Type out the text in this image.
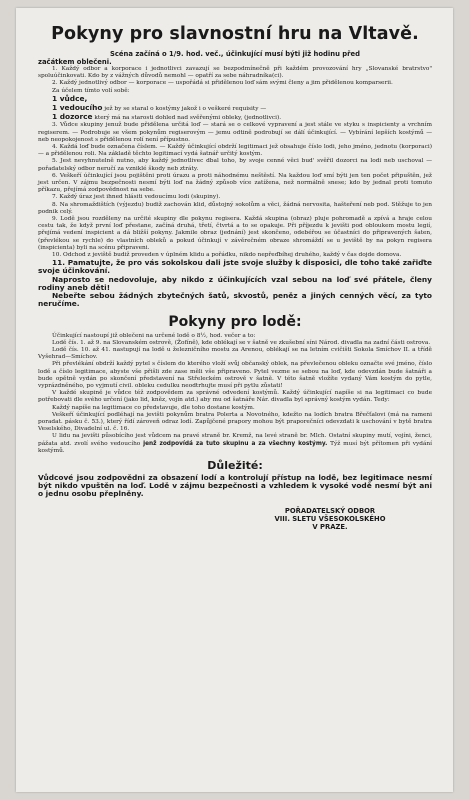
Pokyny pro slavnostní hru na Vltavě.

Scéna začíná o 1/9. hod. več., účinkující musí býti již hodinu před

začátkem oblečeni.

1. Každý odbor a korporace i jednotlivci zavazují se bezpodmínečně při každém provozování hry „Slovanské bratrstvo" spoluúčinkovati. Kdo by z vážných důvodů nemohl — opatří za sebe náhradníka(ci).

2. Každý jednotlivý odbor — korporace — uspořádá si přidělenou loď sám svými členy a jim přidělenou komparserii.

Za účelem tímto volí sobě:

1 vůdce,

1 vedoucího jež by se staral o kostýmy jakož i o veškeré requisity —

1 dozorce který má na starosti dohled nad svěřenými obleky, (jednotlivci).

3. Vůdce skupiny jenuž bude přidělena určitá loď — stará se o celkové vypravení a jest stále ve styku s inspicienty a vrchním regiserem. — Podrobuje se všem pokynům regiserovým — jemu odtině podrobují se dálí účinkující. — Vybírání lepších kostýmů — neb neopokojenost s přidělenou rolí není přípustno.

4. Každá loď bude označena číslem. — Každý účinkující obdrží legitimaci jež obsahuje číslo lodi, jeho jméno, jednotu (korporaci) — a přidělenou roli. Na základě těchto legitimací vydá šatnář určitý kostým.

5. Jest nevyhnutelně nutno, aby každý jednotlivec dbal toho, by svoje cenné věci bud' svěřil dozorci na lodi neb uschoval — pořadatelský odbor neručí za vzniklé škody neb ztráty.

6. Veškeří účinkující jsou pojištěni proti úrazu a proti náhodnému neštěstí. Na každou loď smí býti jen ten počet připuštěn, jež jest určen. V zájmu bezpečnosti nesmí býti loď na žádný způsob více zatížena, než normálně snese; kdo by jednal proti tomuto příkazu, přejímá zodpovědnost na sebe.

7. Každý úraz jest ihned hlásiti vedoucímu lodi (skupiny).

8. Na shromaždištích (výjezdu) budiž zachován klid, důstojný sokolům a věci, žádná nervosita, hašteření neb pod. Stěžuje to jen podnik celý.

9. Lodě jsou rozděleny na určité skupiny dle pokynu regisera. Každá skupina (obraz) pluje pohromadě a zpívá a hraje celou cestu tak, že když první loď přestane, začíná druhá, třetí, čtvrtá a to se opakuje. Při příjezdu k jevišti pod obloukem mostu legií, přejímá vedení inspicient a dá bližší pokyny. Jakmile obraz (jednání) jest skončeno, odebéřou se účastníci do připravených šaten, (převlékou se rychle) do vlastních obleků a pokud účinkují v závěrečném obraze shromáždí se u jeviště by na pokyn regisera (inspicienta) byli na scénu připraveni.

10. Odchod z jeviště budiž proveden v úplném klidu a pořádku, nikdo nepřeďbíhej druhého, každý v čas dojde domova.

11. Pamatujte, že pro vás sokolskou dali jste svoje služby k disposici, dle toho také zařiďte svoje účinkování.

Naprosto se nedovoluje, aby nikdo z účinkujících vzal sebou na loď své přátele, členy rodiny aneb děti!

Nebeřte sebou žádných zbytečných šatů, skvostů, peněz a jiných cenných věcí, za tyto neručíme.

Pokyny pro lodě:

Účinkující nastoupí již oblečeni na určené lodě o 8½, hod. večer a to:

Lodě čís. 1. až 9. na Slovanském ostrově, (Žofíně), kde oblékají se v šatně ve zkušební síni Národ. divadla na zadní části ostrova.

Lodě čís. 10. až 41. nastupují na lodě u železničního mostu za Arenou, oblékají se na letním cvičišti Sokola Smíchov II. a třídě Vyšehrad—Smíchov.

Při převlékání obdrží každý pytel s číslem do kterého vloží svůj občanský oblek, na převlečenou obleku označte své jméno, číslo lodě a číslo legitimace, abyste vše přišli zde zase měli vše připraveno. Pytel vezme se sebou na loď, kde odevzdán bude šatnáři a bude opětně vydán po skončení představení na Střeleckém ostrově v šatně. V této šatně vložíte vydaný Vám kostým do pytle, vyprázdněného, po vyjmutí civil. obleku cedulku neodtrhujte musí při pytlu zůstati!

V každé skupině je vůdce též zodpovědem za správné odvedení kostýmů. Každý účinkující napíše si na legitimaci co bude potřebovati dle svého určení (jako lid, kněz, vojín atd.) aby mu od šatnáře Nár. divadla byl správný kostým vydán. Tedy:

Každý napíše na legitimace co představuje, dle toho dostane kostým.

Veškeří účinkující podléhají na jevišti pokynům bratra Polerta a Novotného, kdežto na lodích bratra Břečťalovi (má na rameni poradat. pásku č. 53.), který řídí zároveň odraz lodí. Zapůjčené prapory mohou být praporečníci odevzdati k uschování v bytě bratra Veselského, Divadelní ul. č. 16.

U lidu na jevišti působícího jest vůdcem na pravé straně br. Kremž, na levé straně br. Mlch. Ostatní skupiny mutí, vojíni, ženci, pážata atd. zvolí svého vedoucího jenž zodpovídá za tuto skupinu a za všechny kostýmy. Týž musí být přítomen při vydání kostýmů.

Důležité:

Vůdcové jsou zodpovědni za obsazení lodí a kontrolují přístup na lodě, bez legitimace nesmí být nikdo vpuštěn na loď. Lodě v zájmu bezpečnosti a vzhledem k vysoké vodě nesmí být ani o jednu osobu přeplněny.

POŘADATELSKÝ ODBOR
VIII. SLETU VŠESOKOLSKÉHO
V PRAZE.
